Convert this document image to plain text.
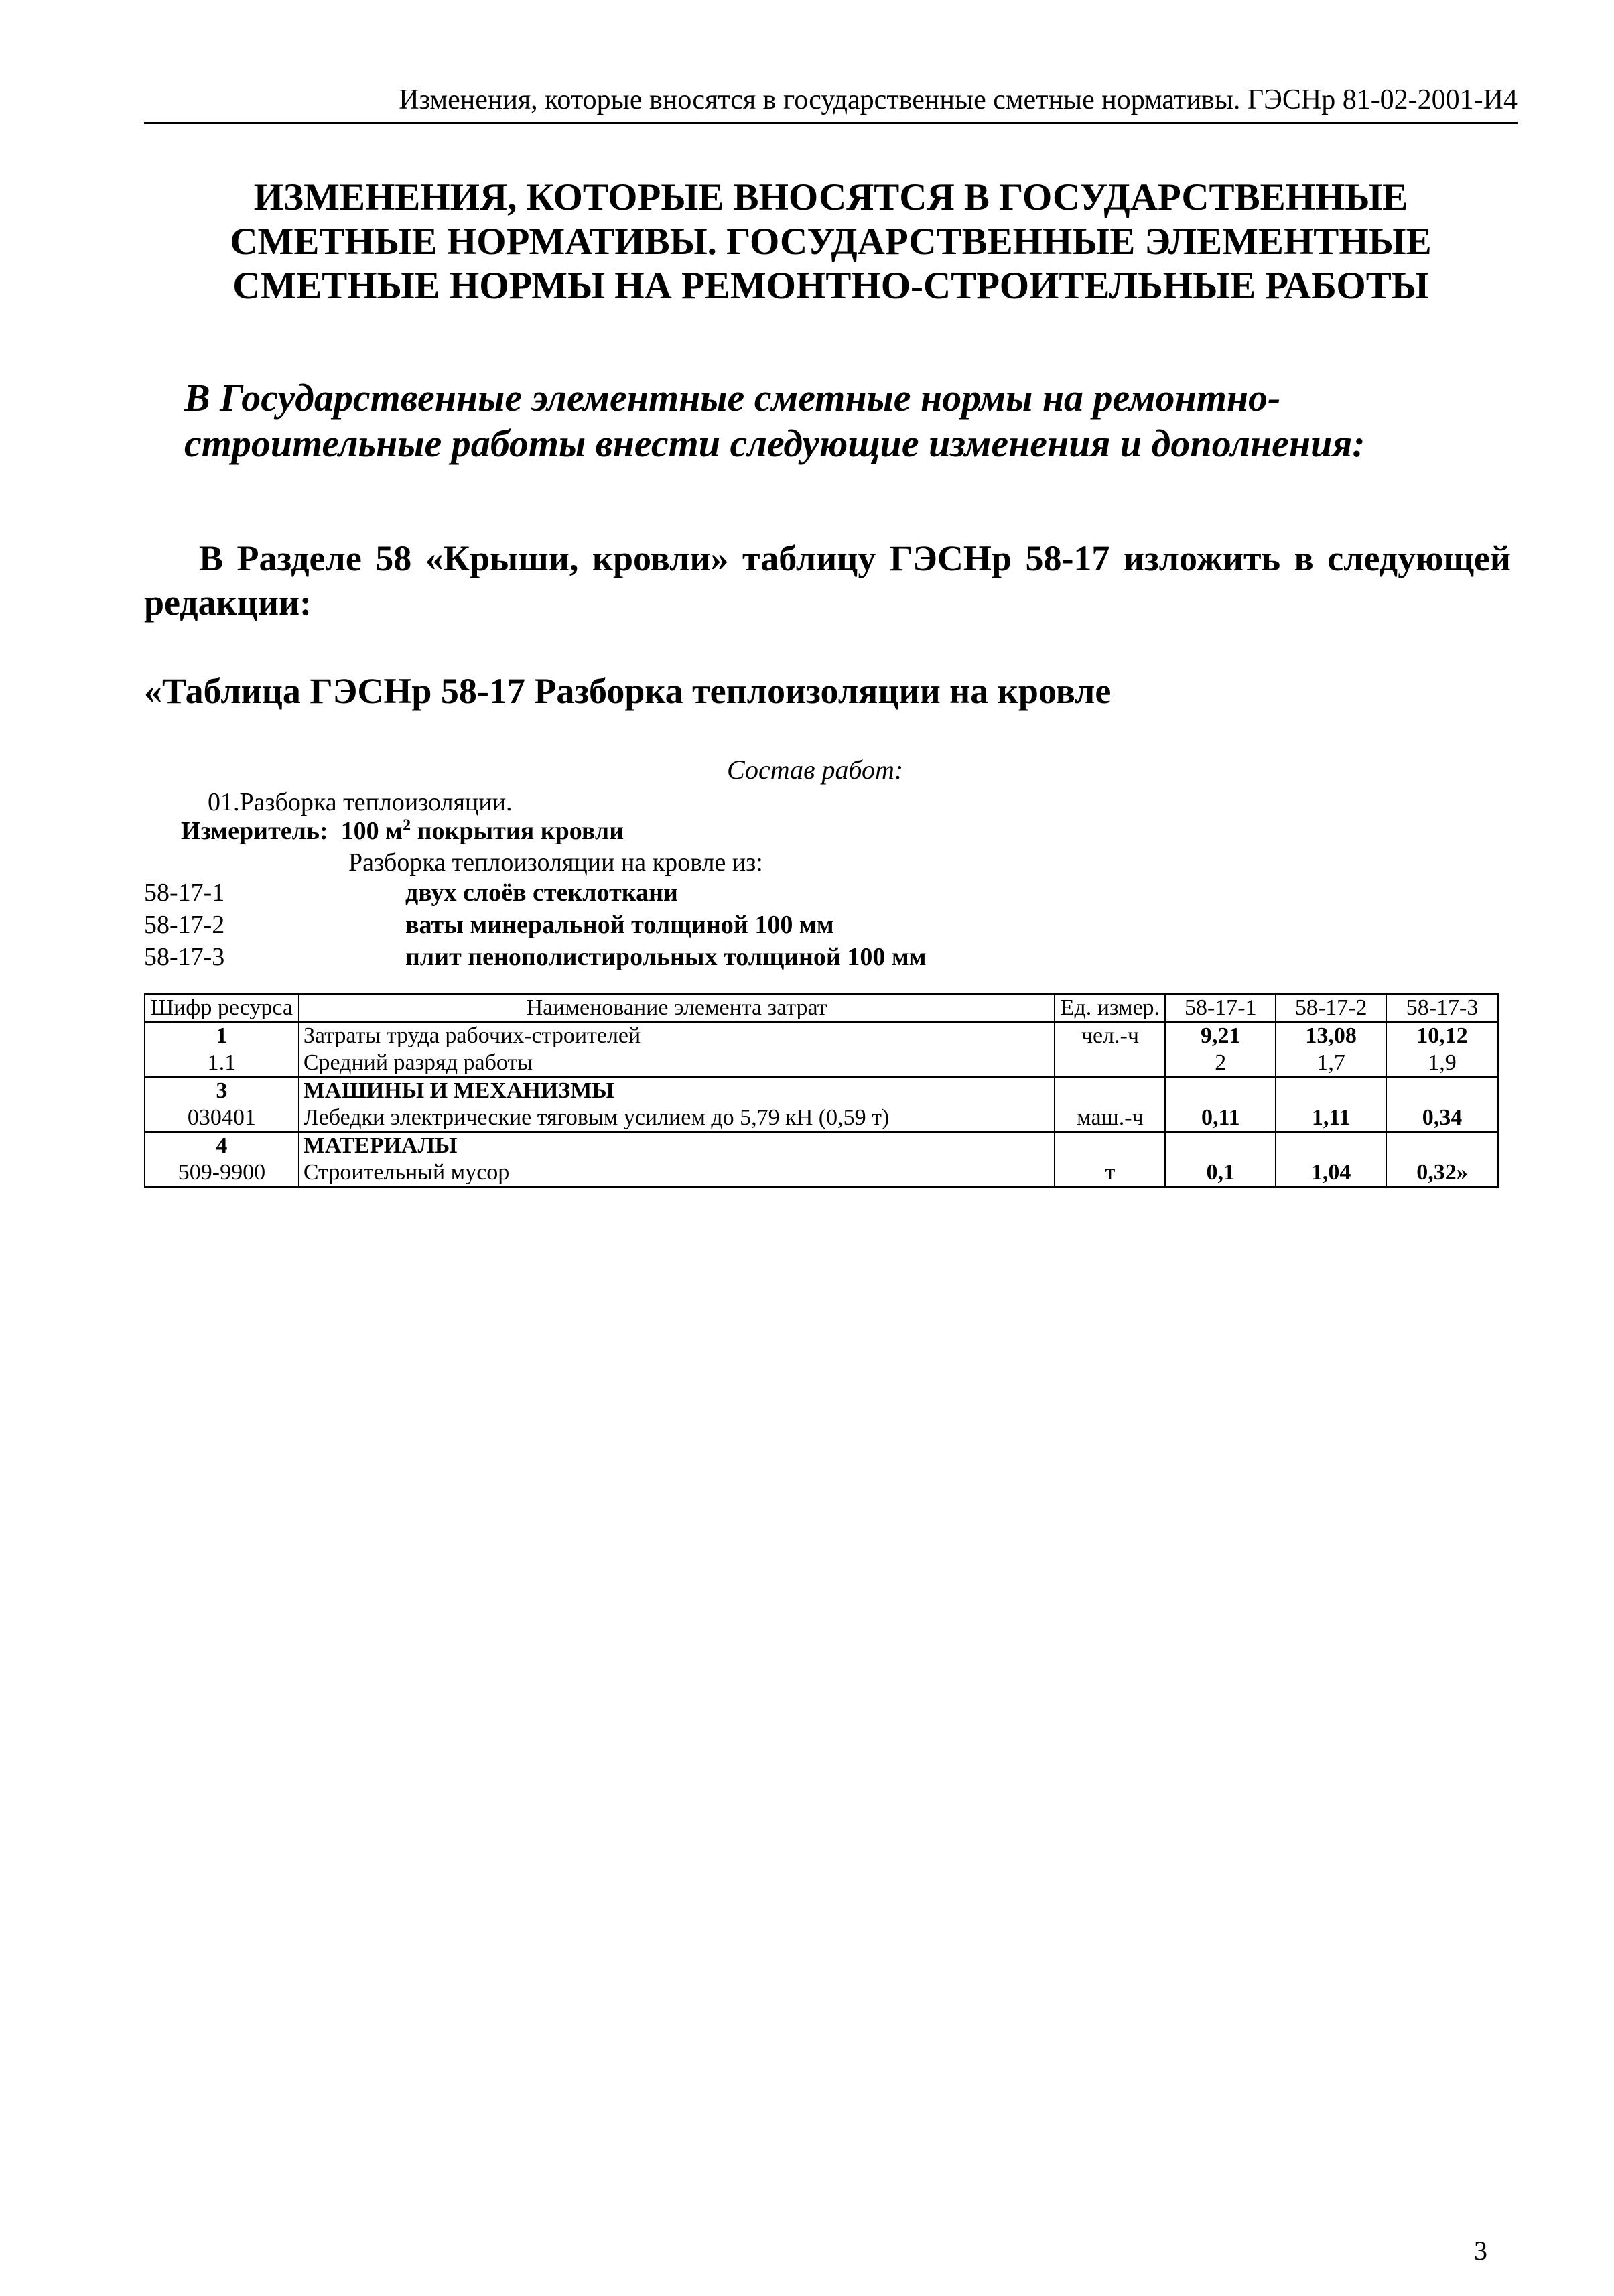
Изменения, которые вносятся в государственные сметные нормативы. ГЭСНр 81-02-2001-И4
ИЗМЕНЕНИЯ, КОТОРЫЕ ВНОСЯТСЯ В ГОСУДАРСТВЕННЫЕ
СМЕТНЫЕ НОРМАТИВЫ. ГОСУДАРСТВЕННЫЕ ЭЛЕМЕНТНЫЕ
СМЕТНЫЕ НОРМЫ НА РЕМОНТНО-СТРОИТЕЛЬНЫЕ РАБОТЫ
В Государственные элементные сметные нормы на ремонтно-
строительные работы внести следующие изменения и дополнения:
В Разделе 58 «Крыши, кровли» таблицу ГЭСНр 58-17 изложить в следующей редакции:
«Таблица ГЭСНр 58-17 Разборка теплоизоляции на кровле
Состав работ:
01.Разборка теплоизоляции.
Измеритель: 100 $м^2$ покрытия кровли
Разборка теплоизоляции на кровле из:
58-17-1	двух слоёв стеклоткани
58-17-2	ваты минеральной толщиной 100 мм
58-17-3	плит пенополистирольных толщиной 100 мм
Шифр ресурса	Наименование элемента затрат	Ед. измер.	58-17-1	58-17-2	58-17-3
1	Затраты труда рабочих-строителей	чел.-ч	9,21	13,08	10,12
1.1	Средний разряд работы		2	1,7	1,9
3	МАШИНЫ И МЕХАНИЗМЫ				
030401	Лебедки электрические тяговым усилием до 5,79 кН (0,59 т)	маш.-ч	0,11	1,11	0,34
4	МАТЕРИАЛЫ				
509-9900	Строительный мусор	т	0,1	1,04	0,32»
3
